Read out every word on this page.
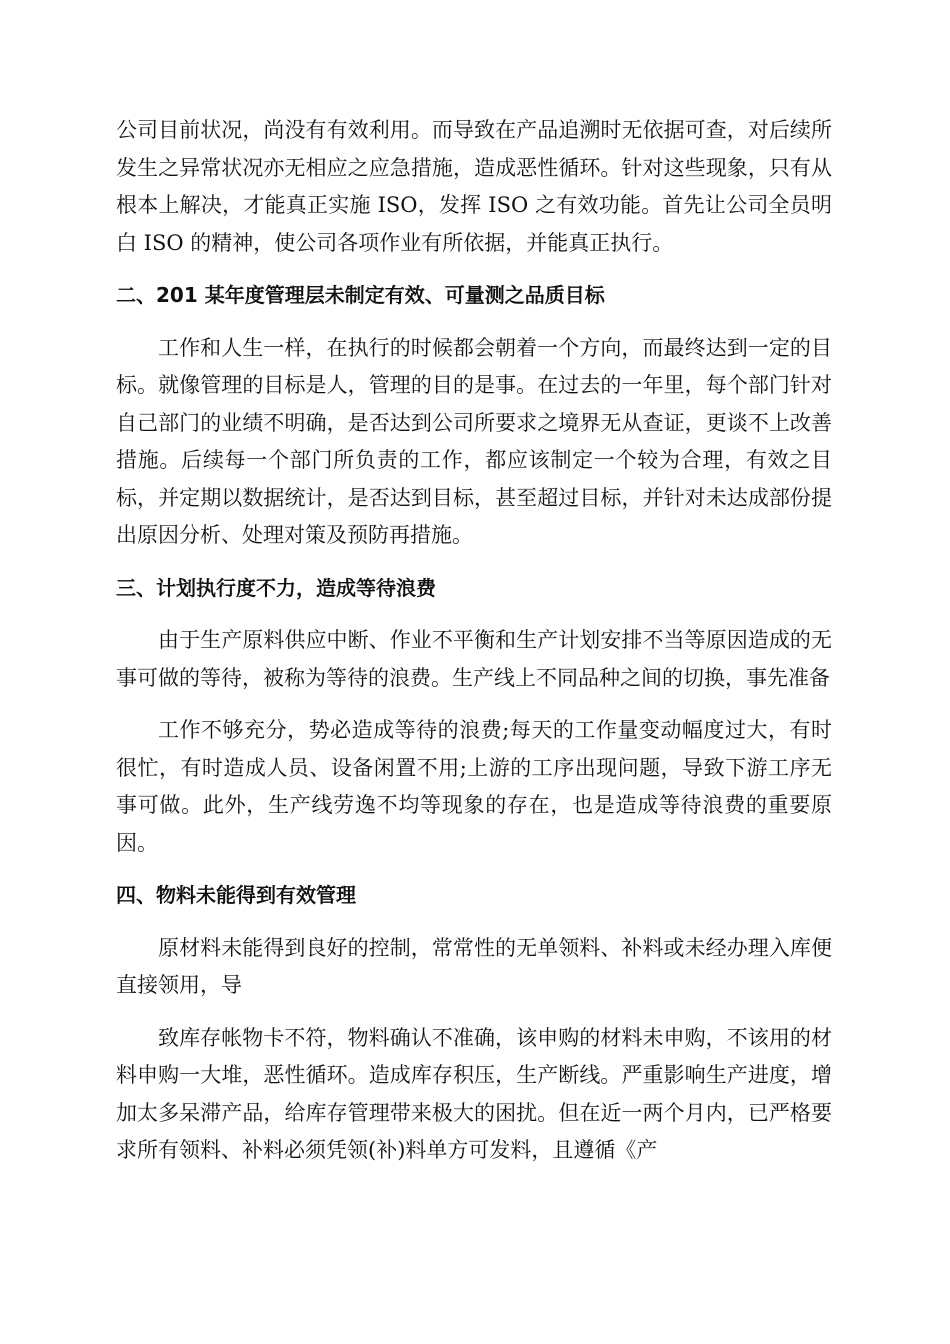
公司目前状况，尚没有有效利用。而导致在产品追溯时无依据可查，对后续所发生之异常状况亦无相应之应急措施，造成恶性循环。针对这些现象，只有从根本上解决，才能真正实施 ISO，发挥 ISO 之有效功能。首先让公司全员明白 ISO 的精神，使公司各项作业有所依据，并能真正执行。

二、201 某年度管理层未制定有效、可量测之品质目标

工作和人生一样，在执行的时候都会朝着一个方向，而最终达到一定的目标。就像管理的目标是人，管理的目的是事。在过去的一年里，每个部门针对自己部门的业绩不明确，是否达到公司所要求之境界无从查证，更谈不上改善措施。后续每一个部门所负责的工作，都应该制定一个较为合理，有效之目标，并定期以数据统计，是否达到目标，甚至超过目标，并针对未达成部份提出原因分析、处理对策及预防再措施。

三、计划执行度不力，造成等待浪费

由于生产原料供应中断、作业不平衡和生产计划安排不当等原因造成的无事可做的等待，被称为等待的浪费。生产线上不同品种之间的切换，事先准备

工作不够充分，势必造成等待的浪费;每天的工作量变动幅度过大，有时很忙，有时造成人员、设备闲置不用;上游的工序出现问题，导致下游工序无事可做。此外，生产线劳逸不均等现象的存在，也是造成等待浪费的重要原因。

四、物料未能得到有效管理

原材料未能得到良好的控制，常常性的无单领料、补料或未经办理入库便直接领用，导

致库存帐物卡不符，物料确认不准确，该申购的材料未申购，不该用的材料申购一大堆，恶性循环。造成库存积压，生产断线。严重影响生产进度，增加太多呆滞产品，给库存管理带来极大的困扰。但在近一两个月内，已严格要求所有领料、补料必须凭领(补)料单方可发料，且遵循《产
